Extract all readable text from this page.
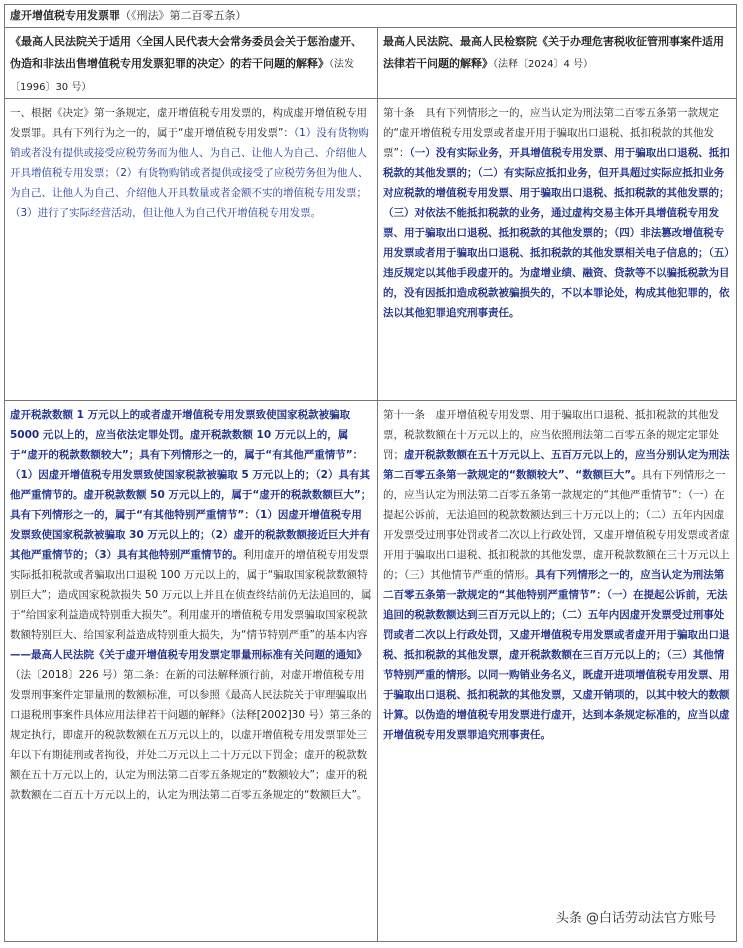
虚开增值税专用发票罪（《刑法》第二百零五条）
《最高人民法院关于适用〈全国人民代表大会常务委员会关于惩治虚开、伪造和非法出售增值税专用发票犯罪的决定〉的若干问题的解释》（法发〔1996〕30 号）
最高人民法院、最高人民检察院《关于办理危害税收征管刑事案件适用法律若干问题的解释》（法释〔2024〕4 号）
一、根据《决定》第一条规定，虚开增值税专用发票的，构成虚开增值税专用发票罪。具有下列行为之一的，属于“虚开增值税专用发票”：（1）没有货物购销或者没有提供或接受应税劳务而为他人、为自己、让他人为自己、介绍他人开具增值税专用发票；（2）有货物购销或者提供或接受了应税劳务但为他人、为自己、让他人为自己、介绍他人开具数量或者金额不实的增值税专用发票；（3）进行了实际经营活动，但让他人为自己代开增值税专用发票。
第十条　具有下列情形之一的，应当认定为刑法第二百零五条第一款规定的“虚开增值税专用发票或者虚开用于骗取出口退税、抵扣税款的其他发票”：（一）没有实际业务，开具增值税专用发票、用于骗取出口退税、抵扣税款的其他发票的；（二）有实际应抵扣业务，但开具超过实际应抵扣业务对应税款的增值税专用发票、用于骗取出口退税、抵扣税款的其他发票的；（三）对依法不能抵扣税款的业务，通过虚构交易主体开具增值税专用发票、用于骗取出口退税、抵扣税款的其他发票的；（四）非法篡改增值税专用发票或者用于骗取出口退税、抵扣税款的其他发票相关电子信息的；（五）违反规定以其他手段虚开的。为虚增业绩、融资、贷款等不以骗抵税款为目的，没有因抵扣造成税款被骗损失的，不以本罪论处，构成其他犯罪的，依法以其他犯罪追究刑事责任。
虚开税款数额 1 万元以上的或者虚开增值税专用发票致使国家税款被骗取 5000 元以上的，应当依法定罪处罚。虚开税款数额 10 万元以上的，属于“虚开的税款数额较大”；具有下列情形之一的，属于“有其他严重情节”：（1）因虚开增值税专用发票致使国家税款被骗取 5 万元以上的；（2）具有其他严重情节的。虚开税款数额 50 万元以上的，属于“虚开的税款数额巨大”；具有下列情形之一的，属于“有其他特别严重情节”：（1）因虚开增值税专用发票致使国家税款被骗取 30 万元以上的；（2）虚开的税款数额接近巨大并有其他严重情节的；（3）具有其他特别严重情节的。利用虚开的增值税专用发票实际抵扣税款或者骗取出口退税 100 万元以上的，属于“骗取国家税款数额特别巨大”；造成国家税款损失 50 万元以上并且在侦查终结前仍无法追回的，属于“给国家利益造成特别重大损失”。利用虚开的增值税专用发票骗取国家税款数额特别巨大、给国家利益造成特别重大损失，为“情节特别严重”的基本内容——最高人民法院《关于虚开增值税专用发票定罪量刑标准有关问题的通知》（法〔2018〕226 号）第二条：在新的司法解释颁行前，对虚开增值税专用发票刑事案件定罪量刑的数额标准，可以参照《最高人民法院关于审理骗取出口退税刑事案件具体应用法律若干问题的解释》（法释[2002]30 号）第三条的规定执行，即虚开的税款数额在五万元以上的，以虚开增值税专用发票罪处三年以下有期徒刑或者拘役，并处二万元以上二十万元以下罚金；虚开的税款数额在五十万元以上的，认定为刑法第二百零五条规定的“数额较大”；虚开的税款数额在二百五十万元以上的，认定为刑法第二百零五条规定的“数额巨大”。
第十一条　虚开增值税专用发票、用于骗取出口退税、抵扣税款的其他发票，税款数额在十万元以上的，应当依照刑法第二百零五条的规定定罪处罚；虚开税款数额在五十万元以上、五百万元以上的，应当分别认定为刑法第二百零五条第一款规定的“数额较大”、“数额巨大”。具有下列情形之一的，应当认定为刑法第二百零五条第一款规定的“其他严重情节”：（一）在提起公诉前，无法追回的税款数额达到三十万元以上的；（二）五年内因虚开发票受过刑事处罚或者二次以上行政处罚，又虚开增值税专用发票或者虚开用于骗取出口退税、抵扣税款的其他发票，虚开税款数额在三十万元以上的；（三）其他情节严重的情形。具有下列情形之一的，应当认定为刑法第二百零五条第一款规定的“其他特别严重情节”：（一）在提起公诉前，无法追回的税款数额达到三百万元以上的；（二）五年内因虚开发票受过刑事处罚或者二次以上行政处罚，又虚开增值税专用发票或者虚开用于骗取出口退税、抵扣税款的其他发票，虚开税款数额在三百万元以上的；（三）其他情节特别严重的情形。以同一购销业务名义，既虚开进项增值税专用发票、用于骗取出口退税、抵扣税款的其他发票，又虚开销项的，以其中较大的数额计算。以伪造的增值税专用发票进行虚开，达到本条规定标准的，应当以虚开增值税专用发票罪追究刑事责任。
头条 @白话劳动法官方账号
